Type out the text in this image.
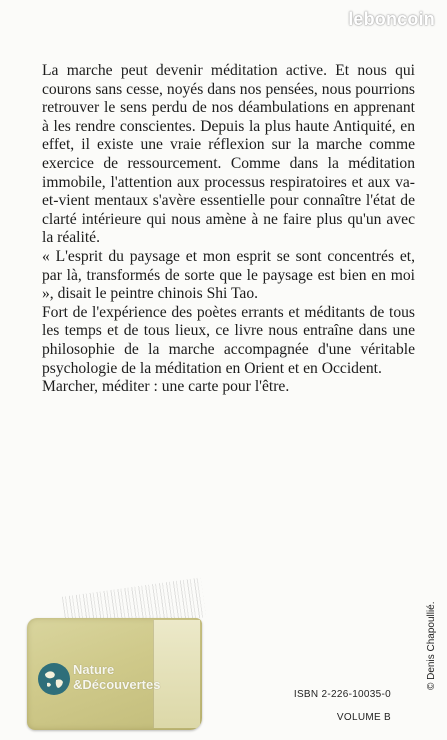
leboncoin

La marche peut devenir méditation active. Et nous qui courons sans cesse, noyés dans nos pensées, nous pourrions retrouver le sens perdu de nos déambulations en apprenant à les rendre conscientes. Depuis la plus haute Antiquité, en effet, il existe une vraie réflexion sur la marche comme exercice de ressourcement. Comme dans la méditation immobile, l'attention aux processus respiratoires et aux va-et-vient mentaux s'avère essentielle pour connaître l'état de clarté intérieure qui nous amène à ne faire plus qu'un avec la réalité.

« L'esprit du paysage et mon esprit se sont concentrés et, par là, transformés de sorte que le paysage est bien en moi », disait le peintre chinois Shi Tao.

Fort de l'expérience des poètes errants et méditants de tous les temps et de tous lieux, ce livre nous entraîne dans une philosophie de la marche accompagnée d'une véritable psychologie de la méditation en Orient et en Occident.

Marcher, méditer : une carte pour l'être.

Nature
&Découvertes
ISBN 2-226-10035-0
VOLUME B
© Denis Chapoullié.
